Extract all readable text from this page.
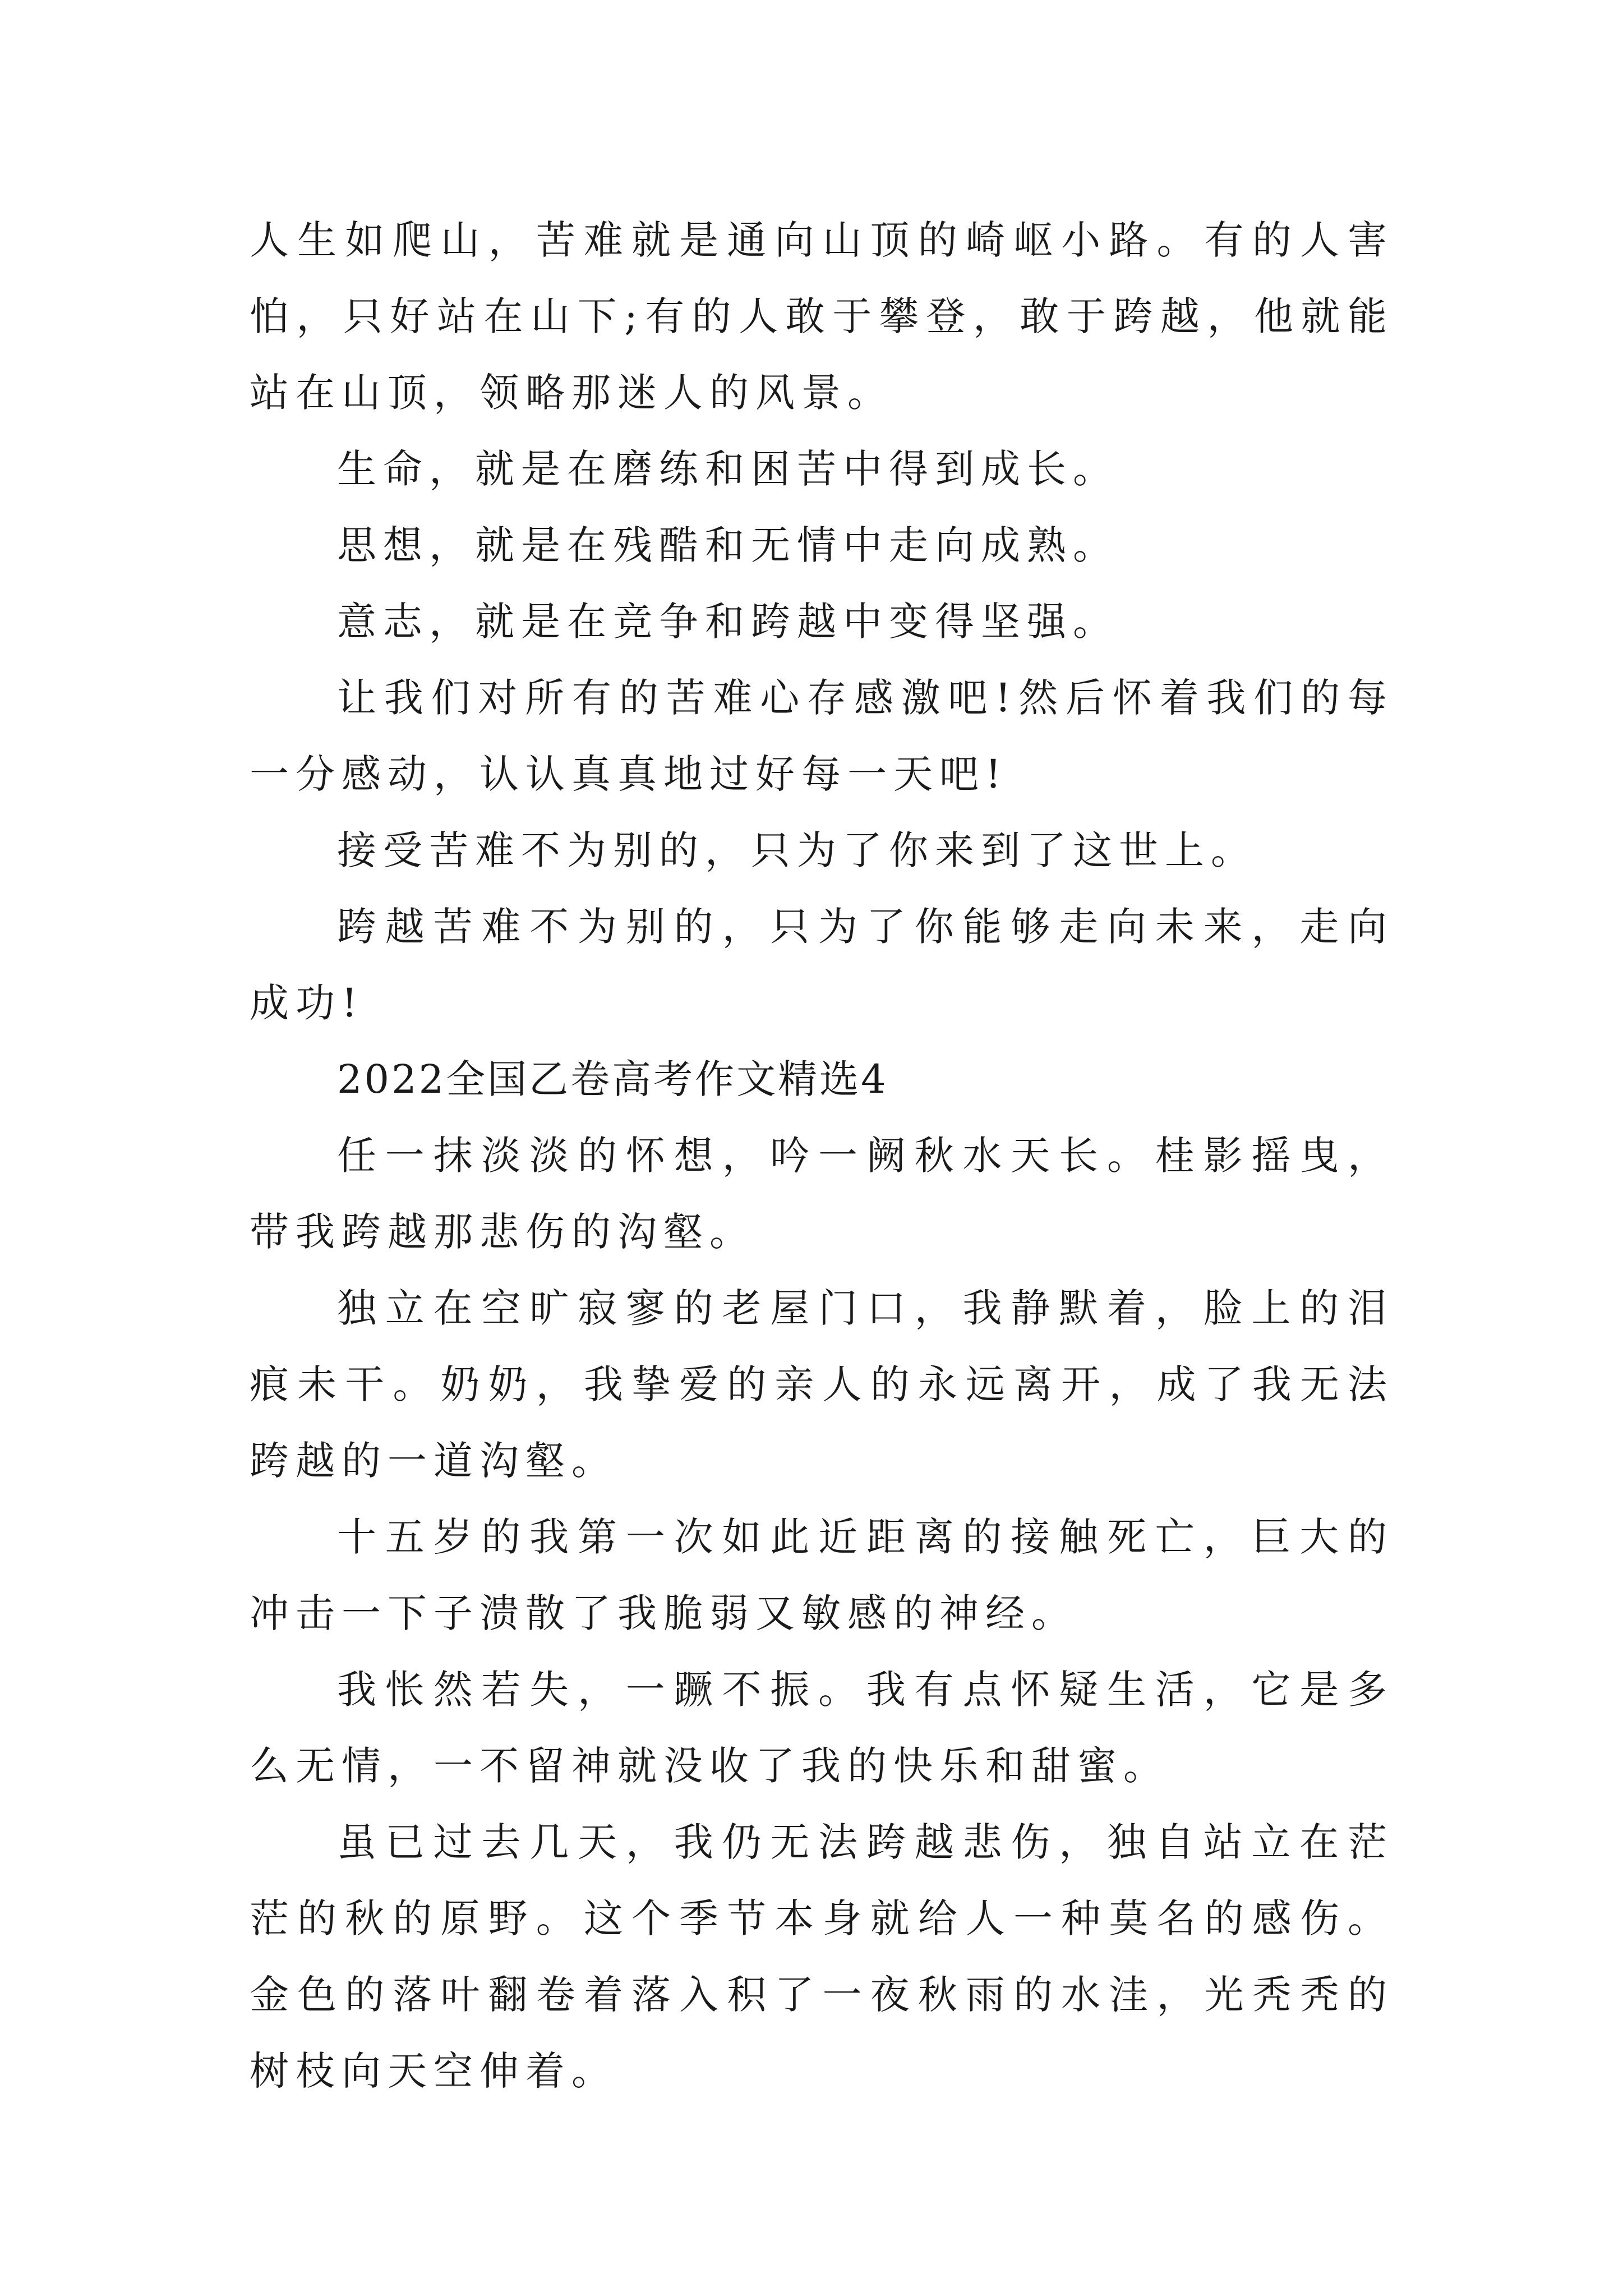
人生如爬山，苦难就是通向山顶的崎岖小路。有的人害怕，只好站在山下;有的人敢于攀登，敢于跨越，他就能站在山顶，领略那迷人的风景。

生命，就是在磨练和困苦中得到成长。

思想，就是在残酷和无情中走向成熟。

意志，就是在竞争和跨越中变得坚强。

让我们对所有的苦难心存感激吧!然后怀着我们的每一分感动，认认真真地过好每一天吧!

接受苦难不为别的，只为了你来到了这世上。

跨越苦难不为别的，只为了你能够走向未来，走向成功!

2022全国乙卷高考作文精选4

任一抹淡淡的怀想，吟一阙秋水天长。桂影摇曳，带我跨越那悲伤的沟壑。

独立在空旷寂寥的老屋门口，我静默着，脸上的泪痕未干。奶奶，我挚爱的亲人的永远离开，成了我无法跨越的一道沟壑。

十五岁的我第一次如此近距离的接触死亡，巨大的冲击一下子溃散了我脆弱又敏感的神经。

我怅然若失，一蹶不振。我有点怀疑生活，它是多么无情，一不留神就没收了我的快乐和甜蜜。

虽已过去几天，我仍无法跨越悲伤，独自站立在茫茫的秋的原野。这个季节本身就给人一种莫名的感伤。金色的落叶翻卷着落入积了一夜秋雨的水洼，光秃秃的树枝向天空伸着。
